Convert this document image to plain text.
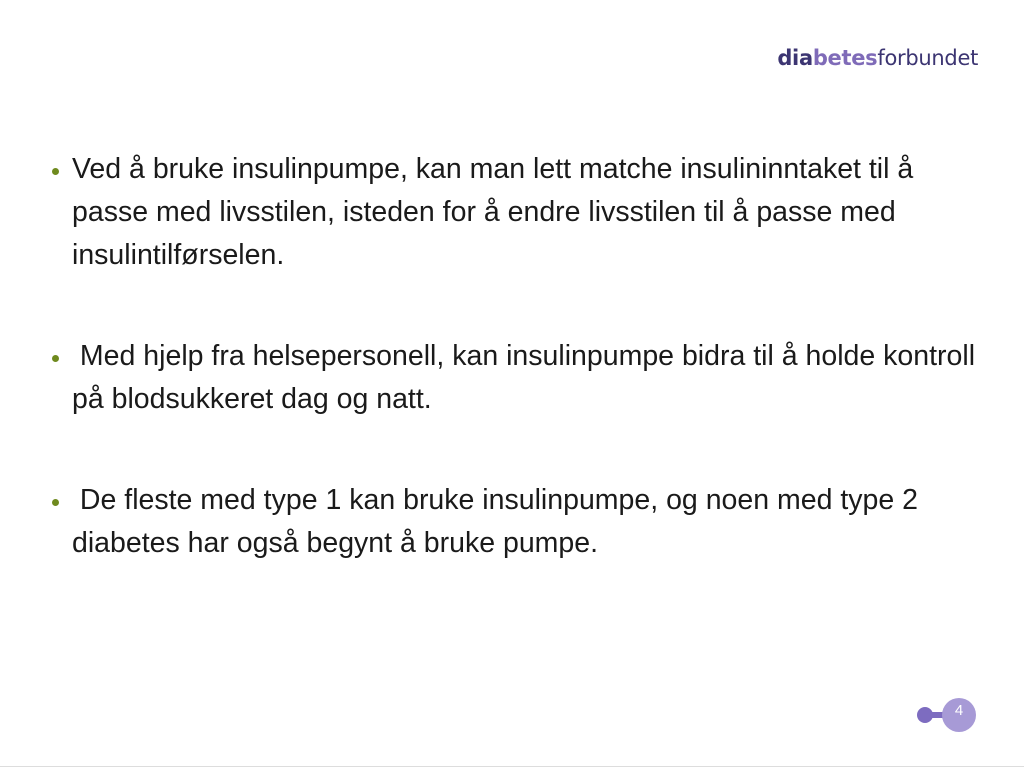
diabetesforbundet
Ved å bruke insulinpumpe, kan man lett matche insulininntaket til å passe med livsstilen, isteden for å endre livsstilen til å passe med insulintilførselen.
Med hjelp fra helsepersonell, kan insulinpumpe bidra til å holde kontroll på blodsukkeret dag og natt.
De fleste med type 1 kan bruke insulinpumpe, og noen med type 2 diabetes har også begynt å bruke pumpe.
4
